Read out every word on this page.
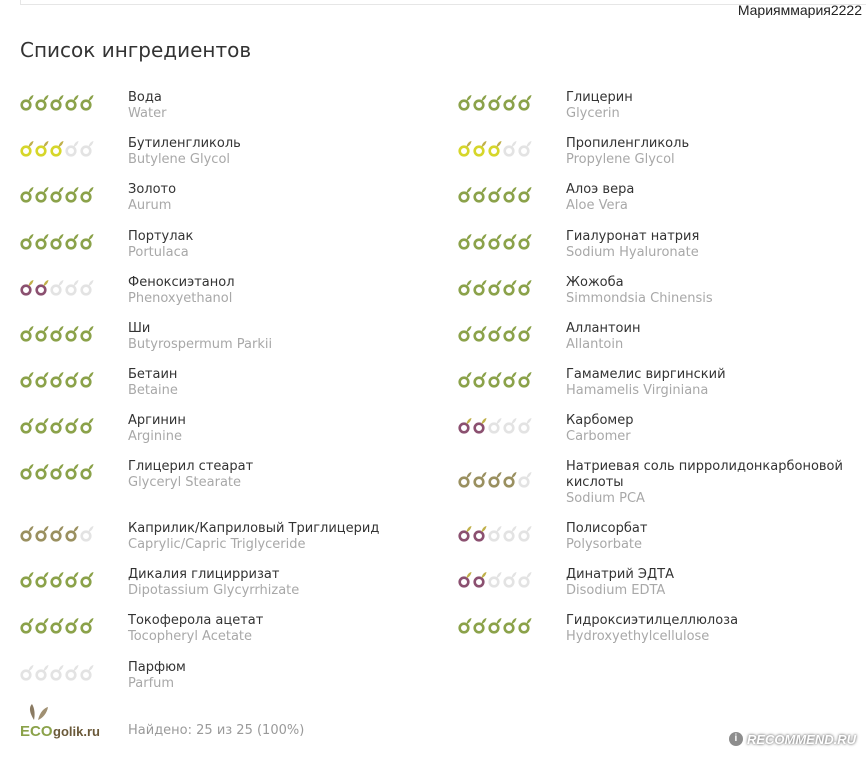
Марияммария2222
Список ингредиентов
Вода
Water
Бутиленгликоль
Butylene Glycol
Золото
Aurum
Портулак
Portulaca
Феноксиэтанол
Phenoxyethanol
Ши
Butyrospermum Parkii
Бетаин
Betaine
Аргинин
Arginine
Глицерил стеарат
Glyceryl Stearate
Каприлик/Каприловый Триглицерид
Caprylic/Capric Triglyceride
Дикалия глицирризат
Dipotassium Glycyrrhizate
Токоферола ацетат
Tocopheryl Acetate
Парфюм
Parfum
Глицерин
Glycerin
Пропиленгликоль
Propylene Glycol
Алоэ вера
Aloe Vera
Гиалуронат натрия
Sodium Hyaluronate
Жожоба
Simmondsia Chinensis
Аллантоин
Allantoin
Гамамелис виргинский
Hamamelis Virginiana
Карбомер
Carbomer
Натриевая соль пирролидонкарбоновой кислоты
Sodium PCA
Полисорбат
Polysorbate
Динатрий ЭДТА
Disodium EDTA
Гидроксиэтилцеллюлоза
Hydroxyethylcellulose
ECO golik.ru Найдено: 25 из 25 (100%)
i RECOMMEND.RU
